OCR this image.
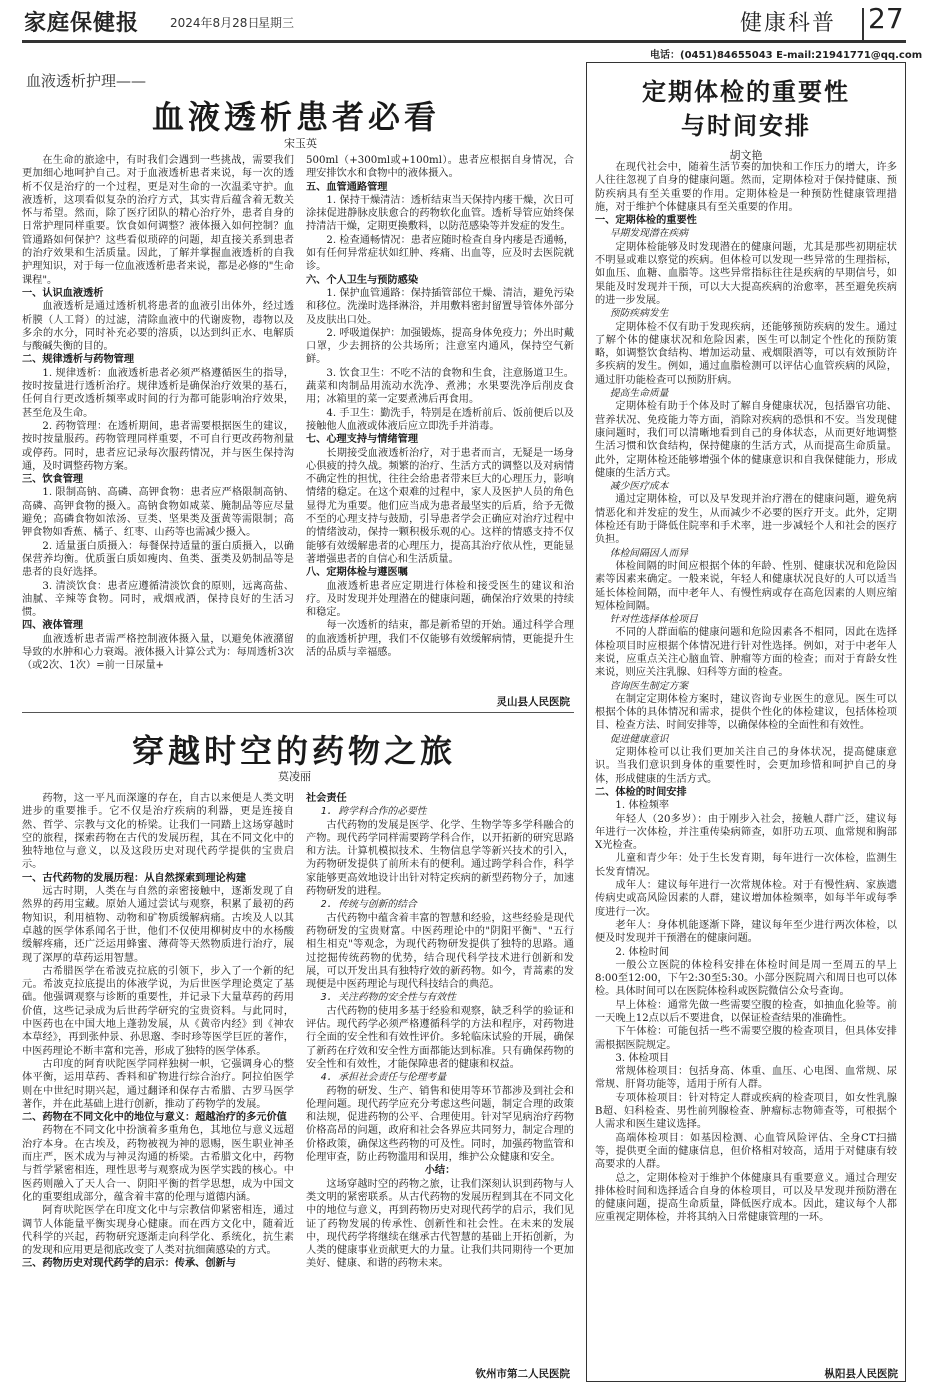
家庭保健报	2024年8月28日
星期三	健康科普 27
电话：(0451)84655043 E-mail:21941771@qq.com
血液透析护理——
血液透析患者必看
宋玉英
在生命的旅途中，有时我们会遇到一些挑战，需要我们更加细心地呵护自己。对于血液透析患者来说，每一次的透析不仅是治疗的一个过程，更是对生命的一次温柔守护。血液透析，这项看似复杂的治疗方式，其实背后蕴含着无数关怀与希望。然而，除了医疗团队的精心治疗外，患者自身的日常护理同样重要。饮食如何调整？液体摄入如何控制？血管通路如何保护？这些看似琐碎的问题，却直接关系到患者的治疗效果和生活质量。因此，了解并掌握血液透析的自我护理知识，对于每一位血液透析患者来说，都是必修的"生命课程"。
一、认识血液透析
血液透析是通过透析机将患者的血液引出体外，经过透析膜（人工肾）的过滤，清除血液中的代谢废物，毒物以及多余的水分，同时补充必要的溶质，以达到纠正水、电解质与酸碱失衡的目的。
二、规律透析与药物管理
1. 规律透析：血液透析患者必须严格遵循医生的指导，按时按量进行透析治疗。规律透析是确保治疗效果的基石，任何自行更改透析频率或时间的行为都可能影响治疗效果，甚至危及生命。
2. 药物管理：在透析期间，患者需要根据医生的建议，按时按量服药。药物管理同样重要，不可自行更改药物剂量或停药。同时，患者应记录每次服药情况，并与医生保持沟通，及时调整药物方案。
三、饮食管理
1. 限制高钠、高磷、高钾食物：患者应严格限制高钠、高磷、高钾食物的摄入。高钠食物如咸菜、腌制品等应尽量避免；高磷食物如浓汤、豆类、坚果类及蛋黄等需限制；高钾食物如香蕉、橘子、红枣、山药等也需减少摄入。
2. 适量蛋白质摄入：每餐保持适量的蛋白质摄入，以确保营养均衡。优质蛋白质如瘦肉、鱼类、蛋类及奶制品等是患者的良好选择。
3. 清淡饮食：患者应遵循清淡饮食的原则，远离高盐、油腻、辛辣等食物。同时，戒烟戒酒，保持良好的生活习惯。
四、液体管理
血液透析患者需严格控制液体摄入量，以避免体液潴留导致的水肿和心力衰竭。液体摄入计算公式为：每周透析3次（或2次、1次）=前一日尿量+
500ml（+300ml或+100ml）。患者应根据自身情况，合理安排饮水和食物中的液体摄入。
五、血管通路管理
1. 保持干燥清洁：透析结束当天保持内瘘干燥，次日可涂抹促进静脉皮肤愈合的药物软化血管。透析导管应始终保持清洁干燥，定期更换敷料，以防范感染等并发症的发生。
2. 检查通畅情况：患者应随时检查自身内瘘是否通畅，如有任何异常症状如红肿、疼痛、出血等，应及时去医院就诊。
六、个人卫生与预防感染
1. 保护血管通路：保持插管部位干燥、清洁，避免污染和移位。洗澡时选择淋浴，并用敷料密封留置导管体外部分及皮肤出口处。
2. 呼吸道保护：加强锻炼，提高身体免疫力；外出时戴口罩，少去拥挤的公共场所；注意室内通风，保持空气新鲜。
3. 饮食卫生：不吃不洁的食物和生食，注意肠道卫生。蔬菜和肉制品用流动水洗净、煮沸；水果要洗净后削皮食用；冰箱里的菜一定要煮沸后再食用。
4. 手卫生：勤洗手，特别是在透析前后、饭前便后以及接触他人血液或体液后应立即洗手并消毒。
七、心理支持与情绪管理
长期接受血液透析治疗，对于患者而言，无疑是一场身心俱疲的持久战。频繁的治疗、生活方式的调整以及对病情不确定性的担忧，往往会给患者带来巨大的心理压力，影响情绪的稳定。在这个艰难的过程中，家人及医护人员的角色显得尤为重要。他们应当成为患者最坚实的后盾，给予无微不至的心理支持与鼓励，引导患者学会正确应对治疗过程中的情绪波动，保持一颗积极乐观的心。这样的情感支持不仅能够有效缓解患者的心理压力，提高其治疗依从性，更能显著增强患者的自信心和生活质量。
八、定期体检与遵医嘱
血液透析患者应定期进行体检和接受医生的建议和治疗。及时发现并处理潜在的健康问题，确保治疗效果的持续和稳定。
每一次透析的结束，都是新希望的开始。通过科学合理的血液透析护理，我们不仅能够有效缓解病情，更能提升生活的品质与幸福感。
灵山县人民医院
穿越时空的药物之旅
莫凌丽
药物，这一平凡而深邃的存在，自古以来便是人类文明进步的重要推手。它不仅是治疗疾病的利器，更是连接自然、哲学、宗教与文化的桥梁。让我们一同踏上这场穿越时空的旅程，探索药物在古代的发展历程，其在不同文化中的独特地位与意义，以及这段历史对现代药学提供的宝贵启示。
一、古代药物的发展历程：从自然探索到理论构建
远古时期，人类在与自然的亲密接触中，逐渐发现了自然界的药用宝藏。原始人通过尝试与观察，积累了最初的药物知识，利用植物、动物和矿物质缓解病痛。古埃及人以其卓越的医学体系闻名于世，他们不仅使用柳树皮中的水杨酸缓解疼痛，还广泛运用蜂蜜、薄荷等天然物质进行治疗，展现了深厚的草药运用智慧。
古希腊医学在希波克拉底的引领下，步入了一个新的纪元。希波克拉底提出的体液学说，为后世医学理论奠定了基础。他强调观察与诊断的重要性，并记录下大量草药的药用价值，这些记录成为后世药学研究的宝贵资料。与此同时，中医药也在中国大地上蓬勃发展，从《黄帝内经》到《神农本草经》，再到张仲景、孙思邈、李时珍等医学巨匠的著作，中医药理论不断丰富和完善，形成了独特的医学体系。
古印度的阿育吠陀医学同样独树一帜，它强调身心的整体平衡，运用草药、香料和矿物进行综合治疗。阿拉伯医学则在中世纪时期兴起，通过翻译和保存古希腊、古罗马医学著作，并在此基础上进行创新，推动了药物学的发展。
二、药物在不同文化中的地位与意义：超越治疗的多元价值
药物在不同文化中扮演着多重角色，其地位与意义远超治疗本身。在古埃及，药物被视为神的恩赐，医生职业神圣而庄严，医术成为与神灵沟通的桥梁。古希腊文化中，药物与哲学紧密相连，理性思考与观察成为医学实践的核心。中医药则融入了天人合一、阴阳平衡的哲学思想，成为中国文化的重要组成部分，蕴含着丰富的伦理与道德内涵。
阿育吠陀医学在印度文化中与宗教信仰紧密相连，通过调节人体能量平衡实现身心健康。而在西方文化中，随着近代科学的兴起，药物研究逐渐走向科学化、系统化，抗生素的发现和应用更是彻底改变了人类对抗细菌感染的方式。
三、药物历史对现代药学的启示：传承、创新与
社会责任
1. 跨学科合作的必要性
古代药物的发展是医学、化学、生物学等多学科融合的产物。现代药学同样需要跨学科合作，以开拓新的研究思路和方法。计算机模拟技术、生物信息学等新兴技术的引入，为药物研发提供了前所未有的便利。通过跨学科合作，科学家能够更高效地设计出针对特定疾病的新型药物分子，加速药物研发的进程。
2. 传统与创新的结合
古代药物中蕴含着丰富的智慧和经验，这些经验是现代药物研发的宝贵财富。中医药理论中的"阴阳平衡"、"五行相生相克"等观念，为现代药物研发提供了独特的思路。通过挖掘传统药物的优势，结合现代科学技术进行创新和发展，可以开发出具有独特疗效的新药物。如今，青蒿素的发现便是中医药理论与现代科技结合的典范。
3. 关注药物的安全性与有效性
古代药物的使用多基于经验和观察，缺乏科学的验证和评估。现代药学必须严格遵循科学的方法和程序，对药物进行全面的安全性和有效性评价。多轮临床试验的开展，确保了新药在疗效和安全性方面都能达到标准。只有确保药物的安全性和有效性，才能保障患者的健康和权益。
4. 承担社会责任与伦理考量
药物的研发、生产、销售和使用等环节都涉及到社会和伦理问题。现代药学应充分考虑这些问题，制定合理的政策和法规，促进药物的公平、合理使用。针对罕见病治疗药物价格高昂的问题，政府和社会各界应共同努力，制定合理的价格政策，确保这些药物的可及性。同时，加强药物监管和伦理审查，防止药物滥用和误用，维护公众健康和安全。
小结：
这场穿越时空的药物之旅，让我们深刻认识到药物与人类文明的紧密联系。从古代药物的发展历程到其在不同文化中的地位与意义，再到药物历史对现代药学的启示，我们见证了药物发展的传承性、创新性和社会性。在未来的发展中，现代药学将继续在继承古代智慧的基础上开拓创新，为人类的健康事业贡献更大的力量。让我们共同期待一个更加美好、健康、和谐的药物未来。
钦州市第二人民医院
定期体检的重要性
与时间安排
胡文艳
在现代社会中，随着生活节奏的加快和工作压力的增大，许多人往往忽视了自身的健康问题。然而，定期体检对于保持健康、预防疾病具有至关重要的作用。定期体检是一种预防性健康管理措施，对于维护个体健康具有至关重要的作用。
一、定期体检的重要性
早期发现潜在疾病
定期体检能够及时发现潜在的健康问题，尤其是那些初期症状不明显或难以察觉的疾病。但体检可以发现一些异常的生理指标，如血压、血糖、血脂等。这些异常指标往往是疾病的早期信号，如果能及时发现并干预，可以大大提高疾病的治愈率，甚至避免疾病的进一步发展。
预防疾病发生
定期体检不仅有助于发现疾病，还能够预防疾病的发生。通过了解个体的健康状况和危险因素，医生可以制定个性化的预防策略，如调整饮食结构、增加运动量、戒烟限酒等，可以有效预防许多疾病的发生。例如，通过血脂检测可以评估心血管疾病的风险，通过肝功能检查可以预防肝病。
提高生命质量
定期体检有助于个体及时了解自身健康状况，包括器官功能、营养状况、免疫能力等方面，消除对疾病的恐惧和不安。当发现健康问题时，我们可以清晰地看到自己的身体状态，从而更好地调整生活习惯和饮食结构，保持健康的生活方式，从而提高生命质量。此外，定期体检还能够增强个体的健康意识和自我保健能力，形成健康的生活方式。
减少医疗成本
通过定期体检，可以及早发现并治疗潜在的健康问题，避免病情恶化和并发症的发生，从而减少不必要的医疗开支。此外，定期体检还有助于降低住院率和手术率，进一步减轻个人和社会的医疗负担。
体检间隔因人而异
体检间隔的时间应根据个体的年龄、性别、健康状况和危险因素等因素来确定。一般来说，年轻人和健康状况良好的人可以适当延长体检间隔，而中老年人、有慢性病或存在高危因素的人则应缩短体检间隔。
针对性选择体检项目
不同的人群面临的健康问题和危险因素各不相同，因此在选择体检项目时应根据个体情况进行针对性选择。例如，对于中老年人来说，应重点关注心脑血管、肿瘤等方面的检查；而对于育龄女性来说，则应关注乳腺、妇科等方面的检查。
咨询医生制定方案
在制定定期体检方案时，建议咨询专业医生的意见。医生可以根据个体的具体情况和需求，提供个性化的体检建议，包括体检项目、检查方法、时间安排等，以确保体检的全面性和有效性。
促进健康意识
定期体检可以让我们更加关注自己的身体状况，提高健康意识。当我们意识到身体的重要性时，会更加珍惜和呵护自己的身体，形成健康的生活方式。
二、体检的时间安排
1. 体检频率
年轻人（20多岁）：由于刚步入社会，接触人群广泛，建议每年进行一次体检，并注重传染病筛查，如肝功五项、血常规和胸部X光检查。
儿童和青少年：处于生长发育期，每年进行一次体检，监测生长发育情况。
成年人：建议每年进行一次常规体检。对于有慢性病、家族遗传病史或高风险因素的人群，建议增加体检频率，如每半年或每季度进行一次。
老年人：身体机能逐渐下降，建议每年至少进行两次体检，以便及时发现并干预潜在的健康问题。
2. 体检时间
一般公立医院的体检科安排在体检时间是周一至周五的早上8:00至12:00，下午2:30至5:30。小部分医院周六和周日也可以体检。具体时间可以在医院体检科或医院微信公众号查询。
早上体检：通常先做一些需要空腹的检查，如抽血化验等。前一天晚上12点以后不要进食，以保证检查结果的准确性。
下午体检：可能包括一些不需要空腹的检查项目，但具体安排需根据医院规定。
3. 体检项目
常规体检项目：包括身高、体重、血压、心电图、血常规、尿常规、肝肾功能等，适用于所有人群。
专项体检项目：针对特定人群或疾病的检查项目，如女性乳腺B超、妇科检查、男性前列腺检查、肿瘤标志物筛查等，可根据个人需求和医生建议选择。
高端体检项目：如基因检测、心血管风险评估、全身CT扫描等，提供更全面的健康信息，但价格相对较高，适用于对健康有较高要求的人群。
总之，定期体检对于维护个体健康具有重要意义。通过合理安排体检时间和选择适合自身的体检项目，可以及早发现并预防潜在的健康问题，提高生命质量，降低医疗成本。因此，建议每个人都应重视定期体检，并将其纳入日常健康管理的一环。
枞阳县人民医院
